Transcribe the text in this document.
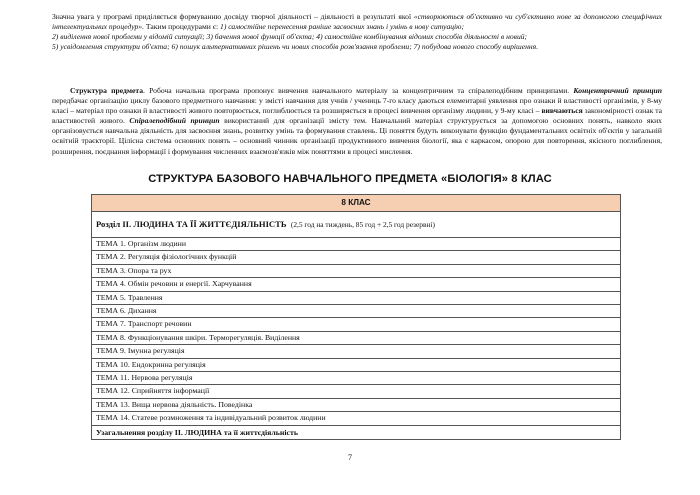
Значна увага у програмі приділяється формуванню досвіду творчої діяльності – діяльності в результаті якої «створюються об'єктивно чи суб'єктивно нове за допомогою специфічних інтелектуальних процедур». Таким процедурами є: 1) самостійне перенесення раніше засвоєних знань і умінь в нову ситуацію;

2) виділення нової проблеми у відомій ситуації; 3) бачення нової функції об'єкта; 4) самостійне комбінування відомих способів діяльності в новий;

5) усвідомлення структури об'єкта; 6) пошук альтернативних рішень чи нових способів розв'язання проблеми; 7) побудова нового способу вирішення.

Структура предмета. Робоча начальна програма пропонує вивчення навчального матеріалу за концентричним та спіралеподібним принципами. Концентричний принцип передбачає організацію циклу базового предметного навчання: у змісті навчання для учнів / учениць 7-го класу даються елементарні уявлення про ознаки й властивості організмів, у 8-му класі – матеріал про ознаки й властивості живого повторюється, поглиблюється та розширяється в процесі вивчення організму людини, у 9-му класі – вивчаються закономірності ознак та властивостей живого. Спіралеподібний принцип використаний для організації змісту тем. Навчальний матеріал структурується за допомогою основних понять, навколо яких організовується навчальна діяльність для засвоєння знань, розвитку умінь та формування ставлень. Ці поняття будуть виконувати функцію фундаментальних освітніх об'єктів у загальній освітній траєкторії. Цілісна система основних понять – основний чинник організації продуктивного вивчення біології, яка є каркасом, опорою для повторення, якісного поглиблення, розширення, поєднання інформації і формування численних взаємозв'язків між поняттями в процесі мислення.

СТРУКТУРА БАЗОВОГО НАВЧАЛЬНОГО ПРЕДМЕТА «БІОЛОГІЯ» 8 КЛАС
8 КЛАС
Розділ ІІ. ЛЮДИНА ТА ЇЇ ЖИТТЄДІЯЛЬНІСТЬ (2,5 год на тиждень, 85 год + 2,5 год резервні)
ТЕМА 1. Організм людини
ТЕМА 2. Регуляція фізіологічних функцій
ТЕМА 3. Опора та рух
ТЕМА 4. Обмін речовин и енергії. Харчування
ТЕМА 5. Травлення
ТЕМА 6. Дихання
ТЕМА 7. Транспорт речовин
ТЕМА 8. Функціонування шкіри. Терморегуляція. Виділення
ТЕМА 9. Імунна регуляція
ТЕМА 10. Ендокринна регуляція
ТЕМА 11. Нервова регуляція
ТЕМА 12. Сприйняття інформації
ТЕМА 13. Вища нервова діяльність. Поведінка
ТЕМА 14. Статеве розмноження та індивідуальний розвиток людини
Узагальнення розділу ІІ. ЛЮДИНА та її життєдіяльність
7
